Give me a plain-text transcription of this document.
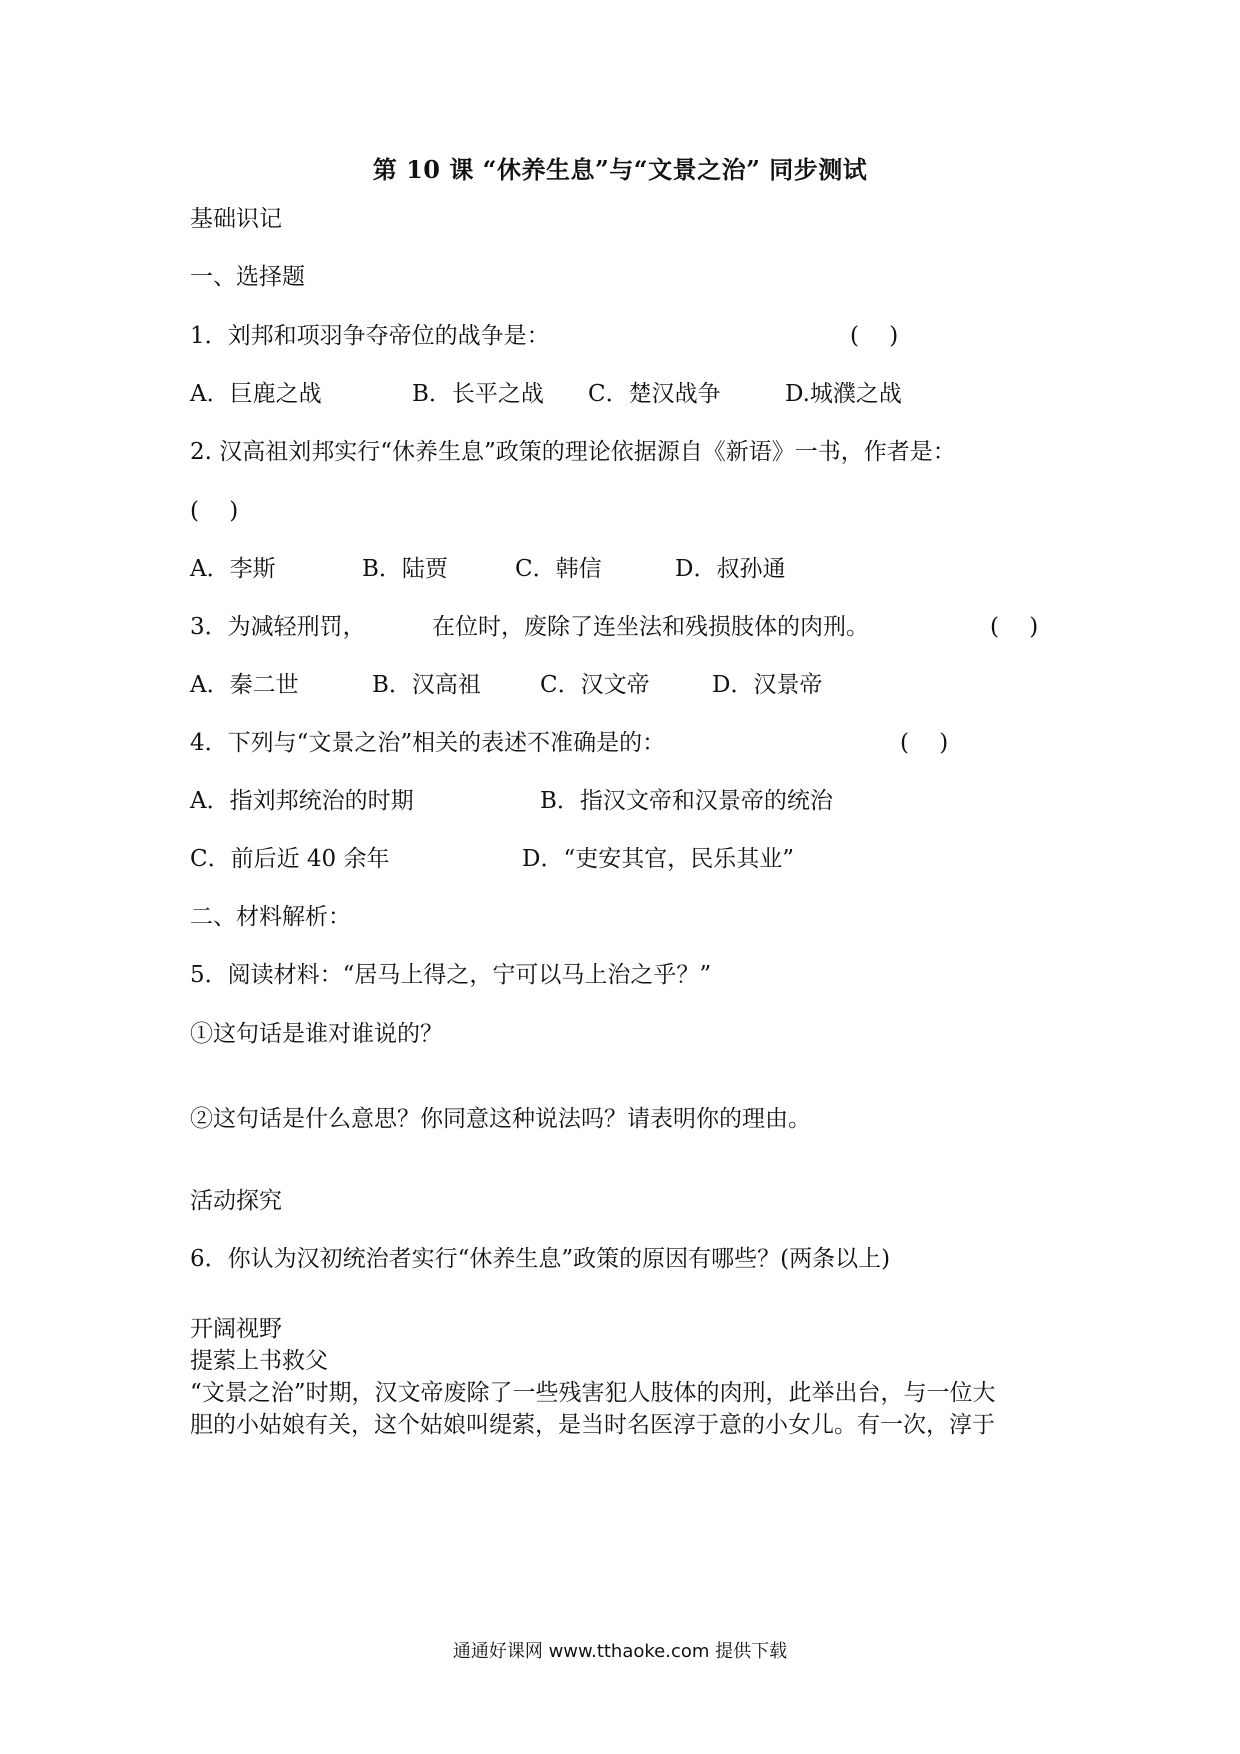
第 10 课 “休养生息”与“文景之治” 同步测试
基础识记
一、选择题
1．刘邦和项羽争夺帝位的战争是：	(　 )
A．巨鹿之战	B．长平之战 C．楚汉战争	D.城濮之战
2. 汉高祖刘邦实行“休养生息”政策的理论依据源自《新语》一书，作者是：
(　 )
A．李斯	B．陆贾	C．韩信	D．叔孙通
3．为减轻刑罚，	在位时，废除了连坐法和残损肢体的肉刑。	(　 )
A．秦二世	B．汉高祖	C．汉文帝	D．汉景帝
4．下列与“文景之治”相关的表述不准确是的：	(　 )
A．指刘邦统治的时期	B．指汉文帝和汉景帝的统治
C．前后近 40 余年	D．“吏安其官，民乐其业”
二、材料解析：
5．阅读材料：“居马上得之，宁可以马上治之乎？”
①这句话是谁对谁说的？
②这句话是什么意思？你同意这种说法吗？请表明你的理由。
活动探究
6．你认为汉初统治者实行“休养生息”政策的原因有哪些？(两条以上)
开阔视野
提萦上书救父
“文景之治”时期，汉文帝废除了一些残害犯人肢体的肉刑，此举出台，与一位大
胆的小姑娘有关，这个姑娘叫缇萦，是当时名医淳于意的小女儿。有一次，淳于
通通好课网 www.tthaoke.com 提供下载
